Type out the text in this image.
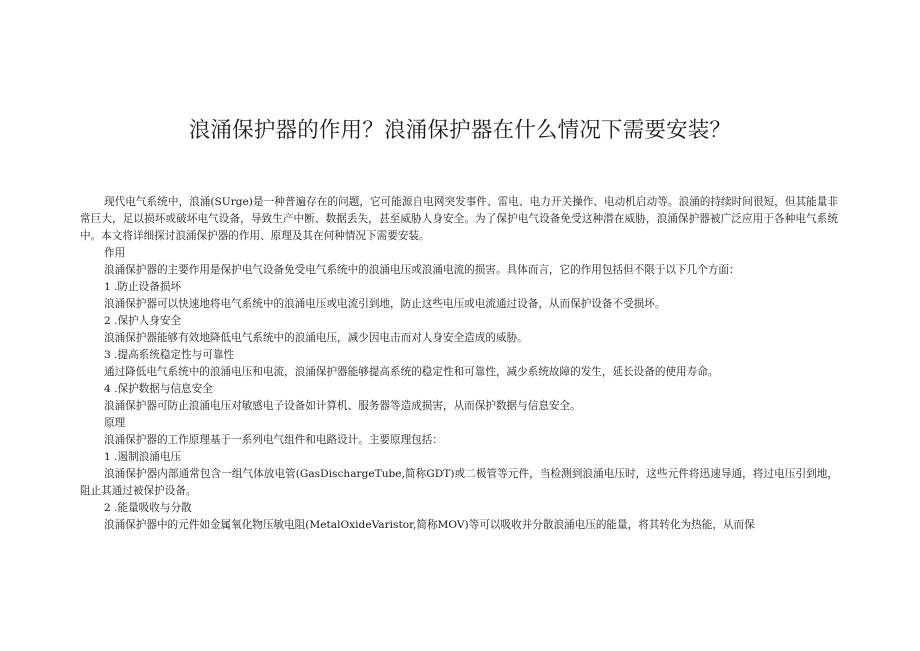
浪涌保护器的作用？浪涌保护器在什么情况下需要安装？

现代电气系统中，浪涌(SUrge)是一种普遍存在的问题，它可能源自电网突发事件、雷电、电力开关操作、电动机启动等。浪涌的持续时间很短，但其能量非常巨大，足以损坏或破坏电气设备，导致生产中断、数据丢失，甚至威胁人身安全。为了保护电气设备免受这种潜在威胁，浪涌保护器被广泛应用于各种电气系统中。本文将详细探讨浪涌保护器的作用、原理及其在何种情况下需要安装。

作用

浪涌保护器的主要作用是保护电气设备免受电气系统中的浪涌电压或浪涌电流的损害。具体而言，它的作用包括但不限于以下几个方面：

1 .防止设备损坏

浪涌保护器可以快速地将电气系统中的浪涌电压或电流引到地，防止这些电压或电流通过设备，从而保护设备不受损坏。

2 .保护人身安全

浪涌保护器能够有效地降低电气系统中的浪涌电压，减少因电击而对人身安全造成的威胁。

3 .提高系统稳定性与可靠性

通过降低电气系统中的浪涌电压和电流，浪涌保护器能够提高系统的稳定性和可靠性，减少系统故障的发生，延长设备的使用寿命。

4 .保护数据与信息安全

浪涌保护器可防止浪涌电压对敏感电子设备如计算机、服务器等造成损害，从而保护数据与信息安全。

原理

浪涌保护器的工作原理基于一系列电气组件和电路设计。主要原理包括：

1 .遏制浪涌电压

浪涌保护器内部通常包含一组气体放电管(GasDischargeTube,简称GDT)或二极管等元件，当检测到浪涌电压时，这些元件将迅速导通，将过电压引到地，阻止其通过被保护设备。

2 .能量吸收与分散

浪涌保护器中的元件如金属氧化物压敏电阻(MetalOxideVaristor,简称MOV)等可以吸收并分散浪涌电压的能量，将其转化为热能，从而保
